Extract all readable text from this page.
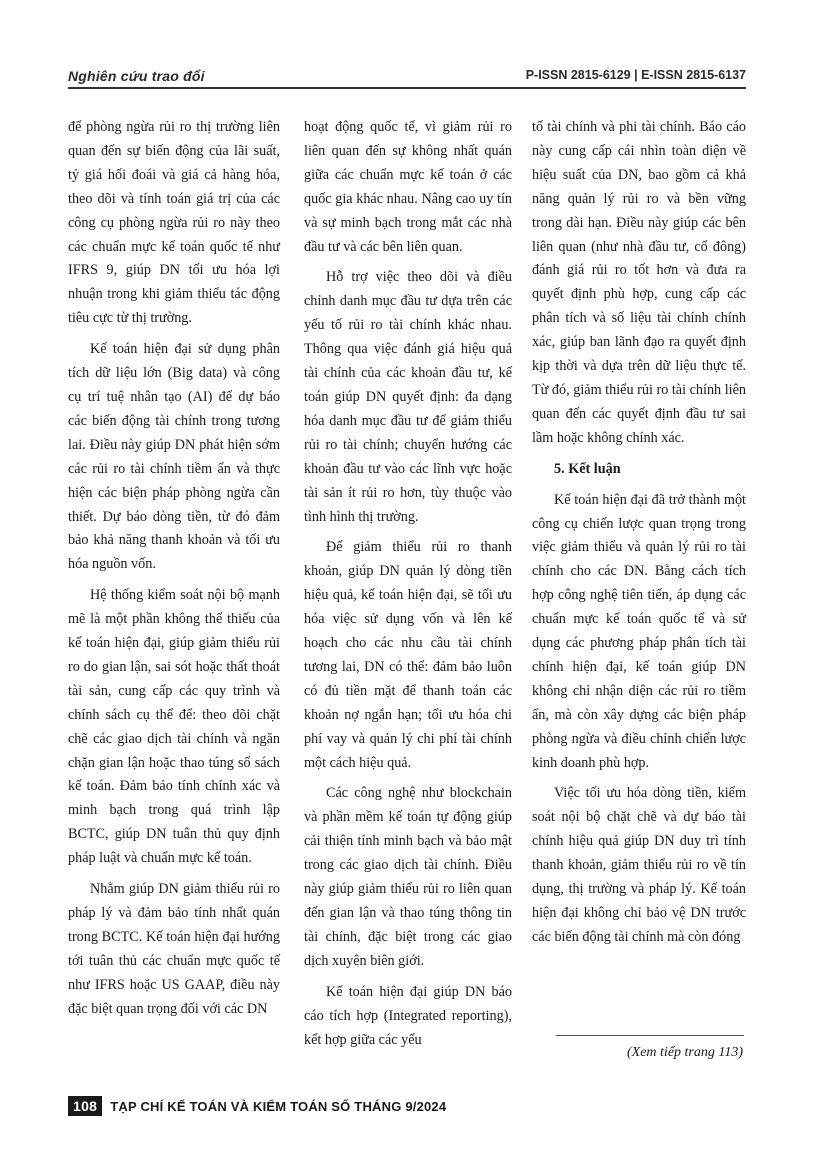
Nghiên cứu trao đổi	P-ISSN 2815-6129 | E-ISSN 2815-6137

để phòng ngừa rủi ro thị trường liên quan đến sự biến động của lãi suất, tỷ giá hối đoái và giá cả hàng hóa, theo dõi và tính toán giá trị của các công cụ phòng ngừa rủi ro này theo các chuẩn mực kế toán quốc tế như IFRS 9, giúp DN tối ưu hóa lợi nhuận trong khi giảm thiểu tác động tiêu cực từ thị trường.

Kế toán hiện đại sử dụng phân tích dữ liệu lớn (Big data) và công cụ trí tuệ nhân tạo (AI) để dự báo các biến động tài chính trong tương lai. Điều này giúp DN phát hiện sớm các rủi ro tài chính tiềm ẩn và thực hiện các biện pháp phòng ngừa cần thiết. Dự báo dòng tiền, từ đó đảm bảo khả năng thanh khoản và tối ưu hóa nguồn vốn.

Hệ thống kiểm soát nội bộ mạnh mẽ là một phần không thể thiếu của kế toán hiện đại, giúp giảm thiểu rủi ro do gian lận, sai sót hoặc thất thoát tài sản, cung cấp các quy trình và chính sách cụ thể để: theo dõi chặt chẽ các giao dịch tài chính và ngăn chặn gian lận hoặc thao túng sổ sách kế toán. Đảm bảo tính chính xác và minh bạch trong quá trình lập BCTC, giúp DN tuân thủ quy định pháp luật và chuẩn mực kế toán.

Nhằm giúp DN giảm thiểu rủi ro pháp lý và đảm bảo tính nhất quán trong BCTC. Kế toán hiện đại hướng tới tuân thủ các chuẩn mực quốc tế như IFRS hoặc US GAAP, điều này đặc biệt quan trọng đối với các DN

hoạt động quốc tế, vì giảm rủi ro liên quan đến sự không nhất quán giữa các chuẩn mực kế toán ở các quốc gia khác nhau. Nâng cao uy tín và sự minh bạch trong mắt các nhà đầu tư và các bên liên quan.

Hỗ trợ việc theo dõi và điều chỉnh danh mục đầu tư dựa trên các yếu tố rủi ro tài chính khác nhau. Thông qua việc đánh giá hiệu quả tài chính của các khoản đầu tư, kế toán giúp DN quyết định: đa dạng hóa danh mục đầu tư để giảm thiểu rủi ro tài chính; chuyển hướng các khoản đầu tư vào các lĩnh vực hoặc tài sản ít rủi ro hơn, tùy thuộc vào tình hình thị trường.

Để giảm thiểu rủi ro thanh khoản, giúp DN quản lý dòng tiền hiệu quả, kế toán hiện đại, sẽ tối ưu hóa việc sử dụng vốn và lên kế hoạch cho các nhu cầu tài chính tương lai, DN có thể: đảm bảo luôn có đủ tiền mặt để thanh toán các khoản nợ ngắn hạn; tối ưu hóa chi phí vay và quản lý chi phí tài chính một cách hiệu quả.

Các công nghệ như blockchain và phần mềm kế toán tự động giúp cải thiện tính minh bạch và bảo mật trong các giao dịch tài chính. Điều này giúp giảm thiểu rủi ro liên quan đến gian lận và thao túng thông tin tài chính, đặc biệt trong các giao dịch xuyên biên giới.

Kế toán hiện đại giúp DN báo cáo tích hợp (Integrated reporting), kết hợp giữa các yếu

tố tài chính và phi tài chính. Báo cáo này cung cấp cái nhìn toàn diện về hiệu suất của DN, bao gồm cả khả năng quản lý rủi ro và bền vững trong dài hạn. Điều này giúp các bên liên quan (như nhà đầu tư, cổ đông) đánh giá rủi ro tốt hơn và đưa ra quyết định phù hợp, cung cấp các phân tích và số liệu tài chính chính xác, giúp ban lãnh đạo ra quyết định kịp thời và dựa trên dữ liệu thực tế. Từ đó, giảm thiểu rủi ro tài chính liên quan đến các quyết định đầu tư sai lầm hoặc không chính xác.

5. Kết luận

Kế toán hiện đại đã trở thành một công cụ chiến lược quan trọng trong việc giảm thiểu và quản lý rủi ro tài chính cho các DN. Bằng cách tích hợp công nghệ tiên tiến, áp dụng các chuẩn mực kế toán quốc tế và sử dụng các phương pháp phân tích tài chính hiện đại, kế toán giúp DN không chỉ nhận diện các rủi ro tiềm ẩn, mà còn xây dựng các biện pháp phòng ngừa và điều chỉnh chiến lược kinh doanh phù hợp.

Việc tối ưu hóa dòng tiền, kiểm soát nội bộ chặt chẽ và dự báo tài chính hiệu quả giúp DN duy trì tính thanh khoản, giảm thiểu rủi ro về tín dụng, thị trường và pháp lý. Kế toán hiện đại không chỉ bảo vệ DN trước các biến động tài chính mà còn đóng

(Xem tiếp trang 113)
108	TẠP CHÍ KẾ TOÁN VÀ KIỂM TOÁN SỐ THÁNG 9/2024
